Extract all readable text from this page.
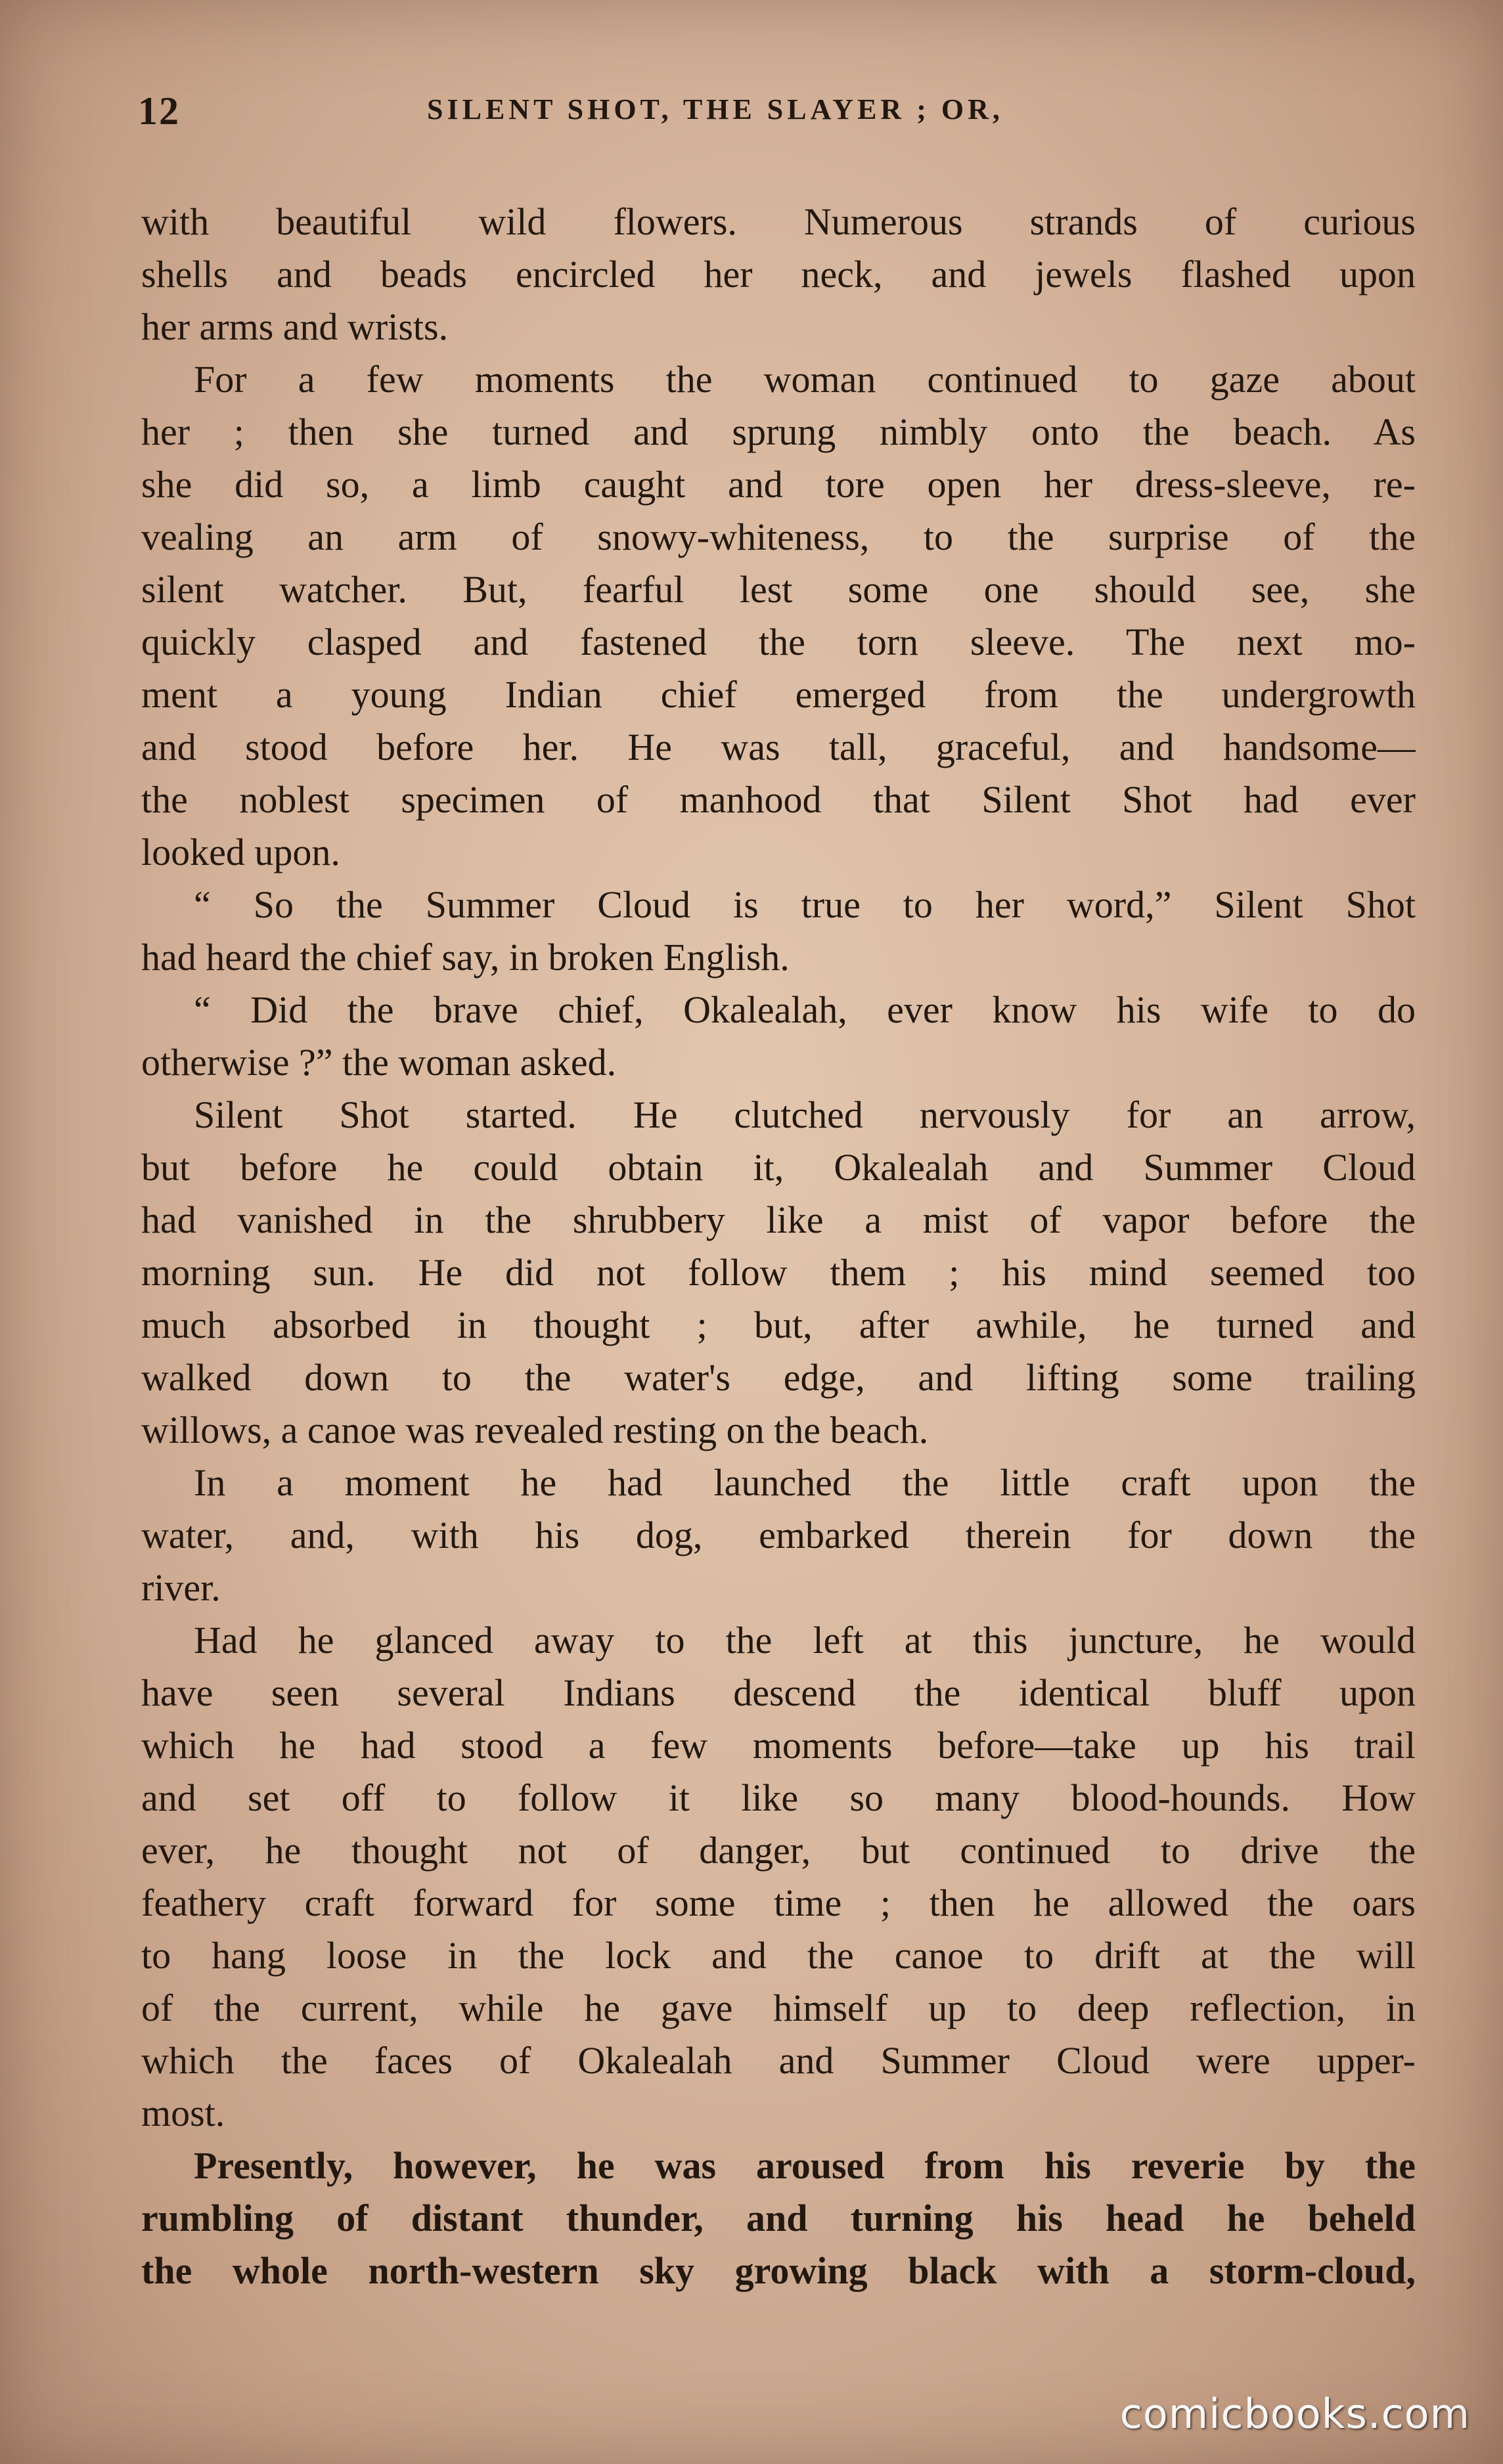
12	SILENT SHOT, THE SLAYER ; OR,
with beautiful wild flowers. Numerous strands of curious
shells and beads encircled her neck, and jewels flashed upon
her arms and wrists.
For a few moments the woman continued to gaze about
her ; then she turned and sprung nimbly onto the beach. As
she did so, a limb caught and tore open her dress-sleeve, re-
vealing an arm of snowy-whiteness, to the surprise of the
silent watcher. But, fearful lest some one should see, she
quickly clasped and fastened the torn sleeve. The next mo-
ment a young Indian chief emerged from the undergrowth
and stood before her. He was tall, graceful, and handsome—
the noblest specimen of manhood that Silent Shot had ever
looked upon.
“ So the Summer Cloud is true to her word,” Silent Shot
had heard the chief say, in broken English.
“ Did the brave chief, Okalealah, ever know his wife to do
otherwise ?” the woman asked.
Silent Shot started. He clutched nervously for an arrow,
but before he could obtain it, Okalealah and Summer Cloud
had vanished in the shrubbery like a mist of vapor before the
morning sun. He did not follow them ; his mind seemed too
much absorbed in thought ; but, after awhile, he turned and
walked down to the water's edge, and lifting some trailing
willows, a canoe was revealed resting on the beach.
In a moment he had launched the little craft upon the
water, and, with his dog, embarked therein for down the
river.
Had he glanced away to the left at this juncture, he would
have seen several Indians descend the identical bluff upon
which he had stood a few moments before—take up his trail
and set off to follow it like so many blood-hounds. How
ever, he thought not of danger, but continued to drive the
feathery craft forward for some time ; then he allowed the oars
to hang loose in the lock and the canoe to drift at the will
of the current, while he gave himself up to deep reflection, in
which the faces of Okalealah and Summer Cloud were upper-
most.
Presently, however, he was aroused from his reverie by the
rumbling of distant thunder, and turning his head he beheld
the whole north-western sky growing black with a storm-cloud,
comicbooks.com
